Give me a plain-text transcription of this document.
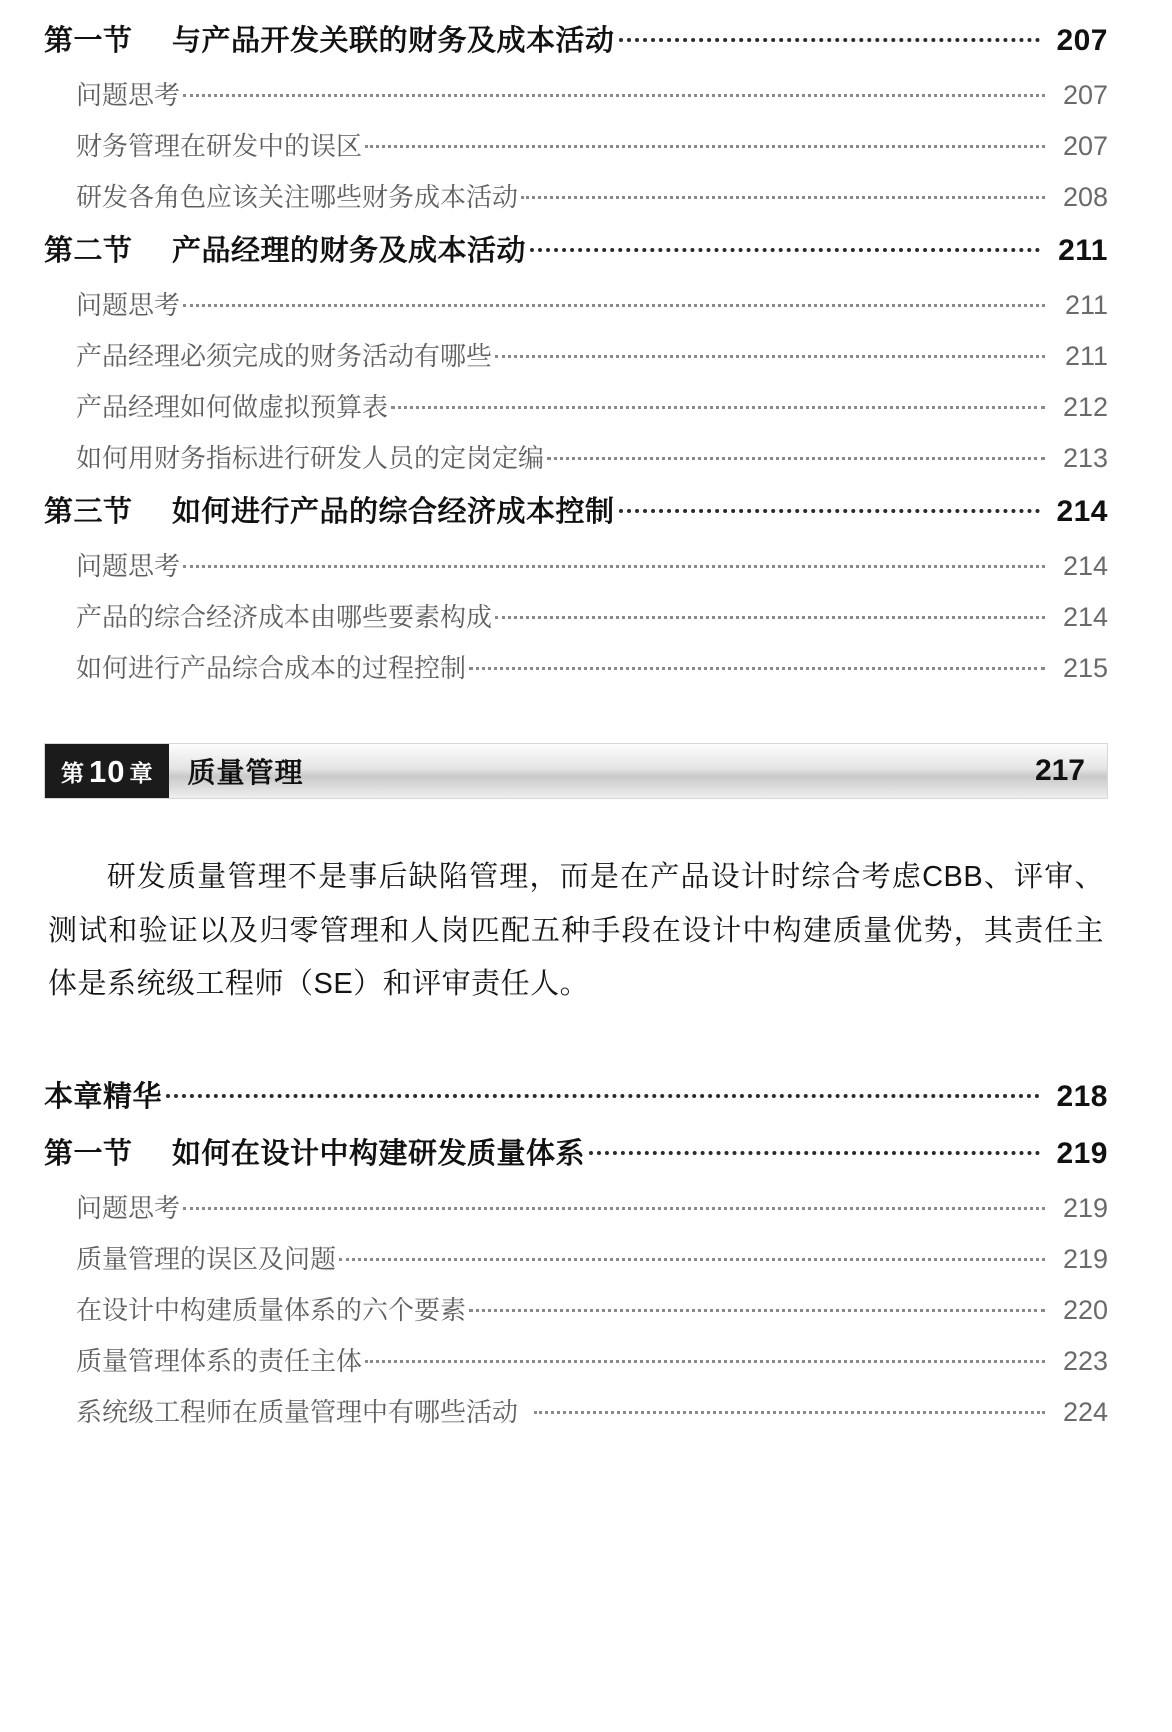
第一节	与产品开发关联的财务及成本活动	207
问题思考	207
财务管理在研发中的误区	207
研发各角色应该关注哪些财务成本活动	208
第二节	产品经理的财务及成本活动	211
问题思考	211
产品经理必须完成的财务活动有哪些	211
产品经理如何做虚拟预算表	212
如何用财务指标进行研发人员的定岗定编	213
第三节	如何进行产品的综合经济成本控制	214
问题思考	214
产品的综合经济成本由哪些要素构成	214
如何进行产品综合成本的过程控制	215
第 10 章	质量管理	217

研发质量管理不是事后缺陷管理，而是在产品设计时综合考虑CBB、评审、测试和验证以及归零管理和人岗匹配五种手段在设计中构建质量优势，其责任主体是系统级工程师（SE）和评审责任人。

本章精华	218
第一节	如何在设计中构建研发质量体系	219
问题思考	219
质量管理的误区及问题	219
在设计中构建质量体系的六个要素	220
质量管理体系的责任主体	223
系统级工程师在质量管理中有哪些活动	224
